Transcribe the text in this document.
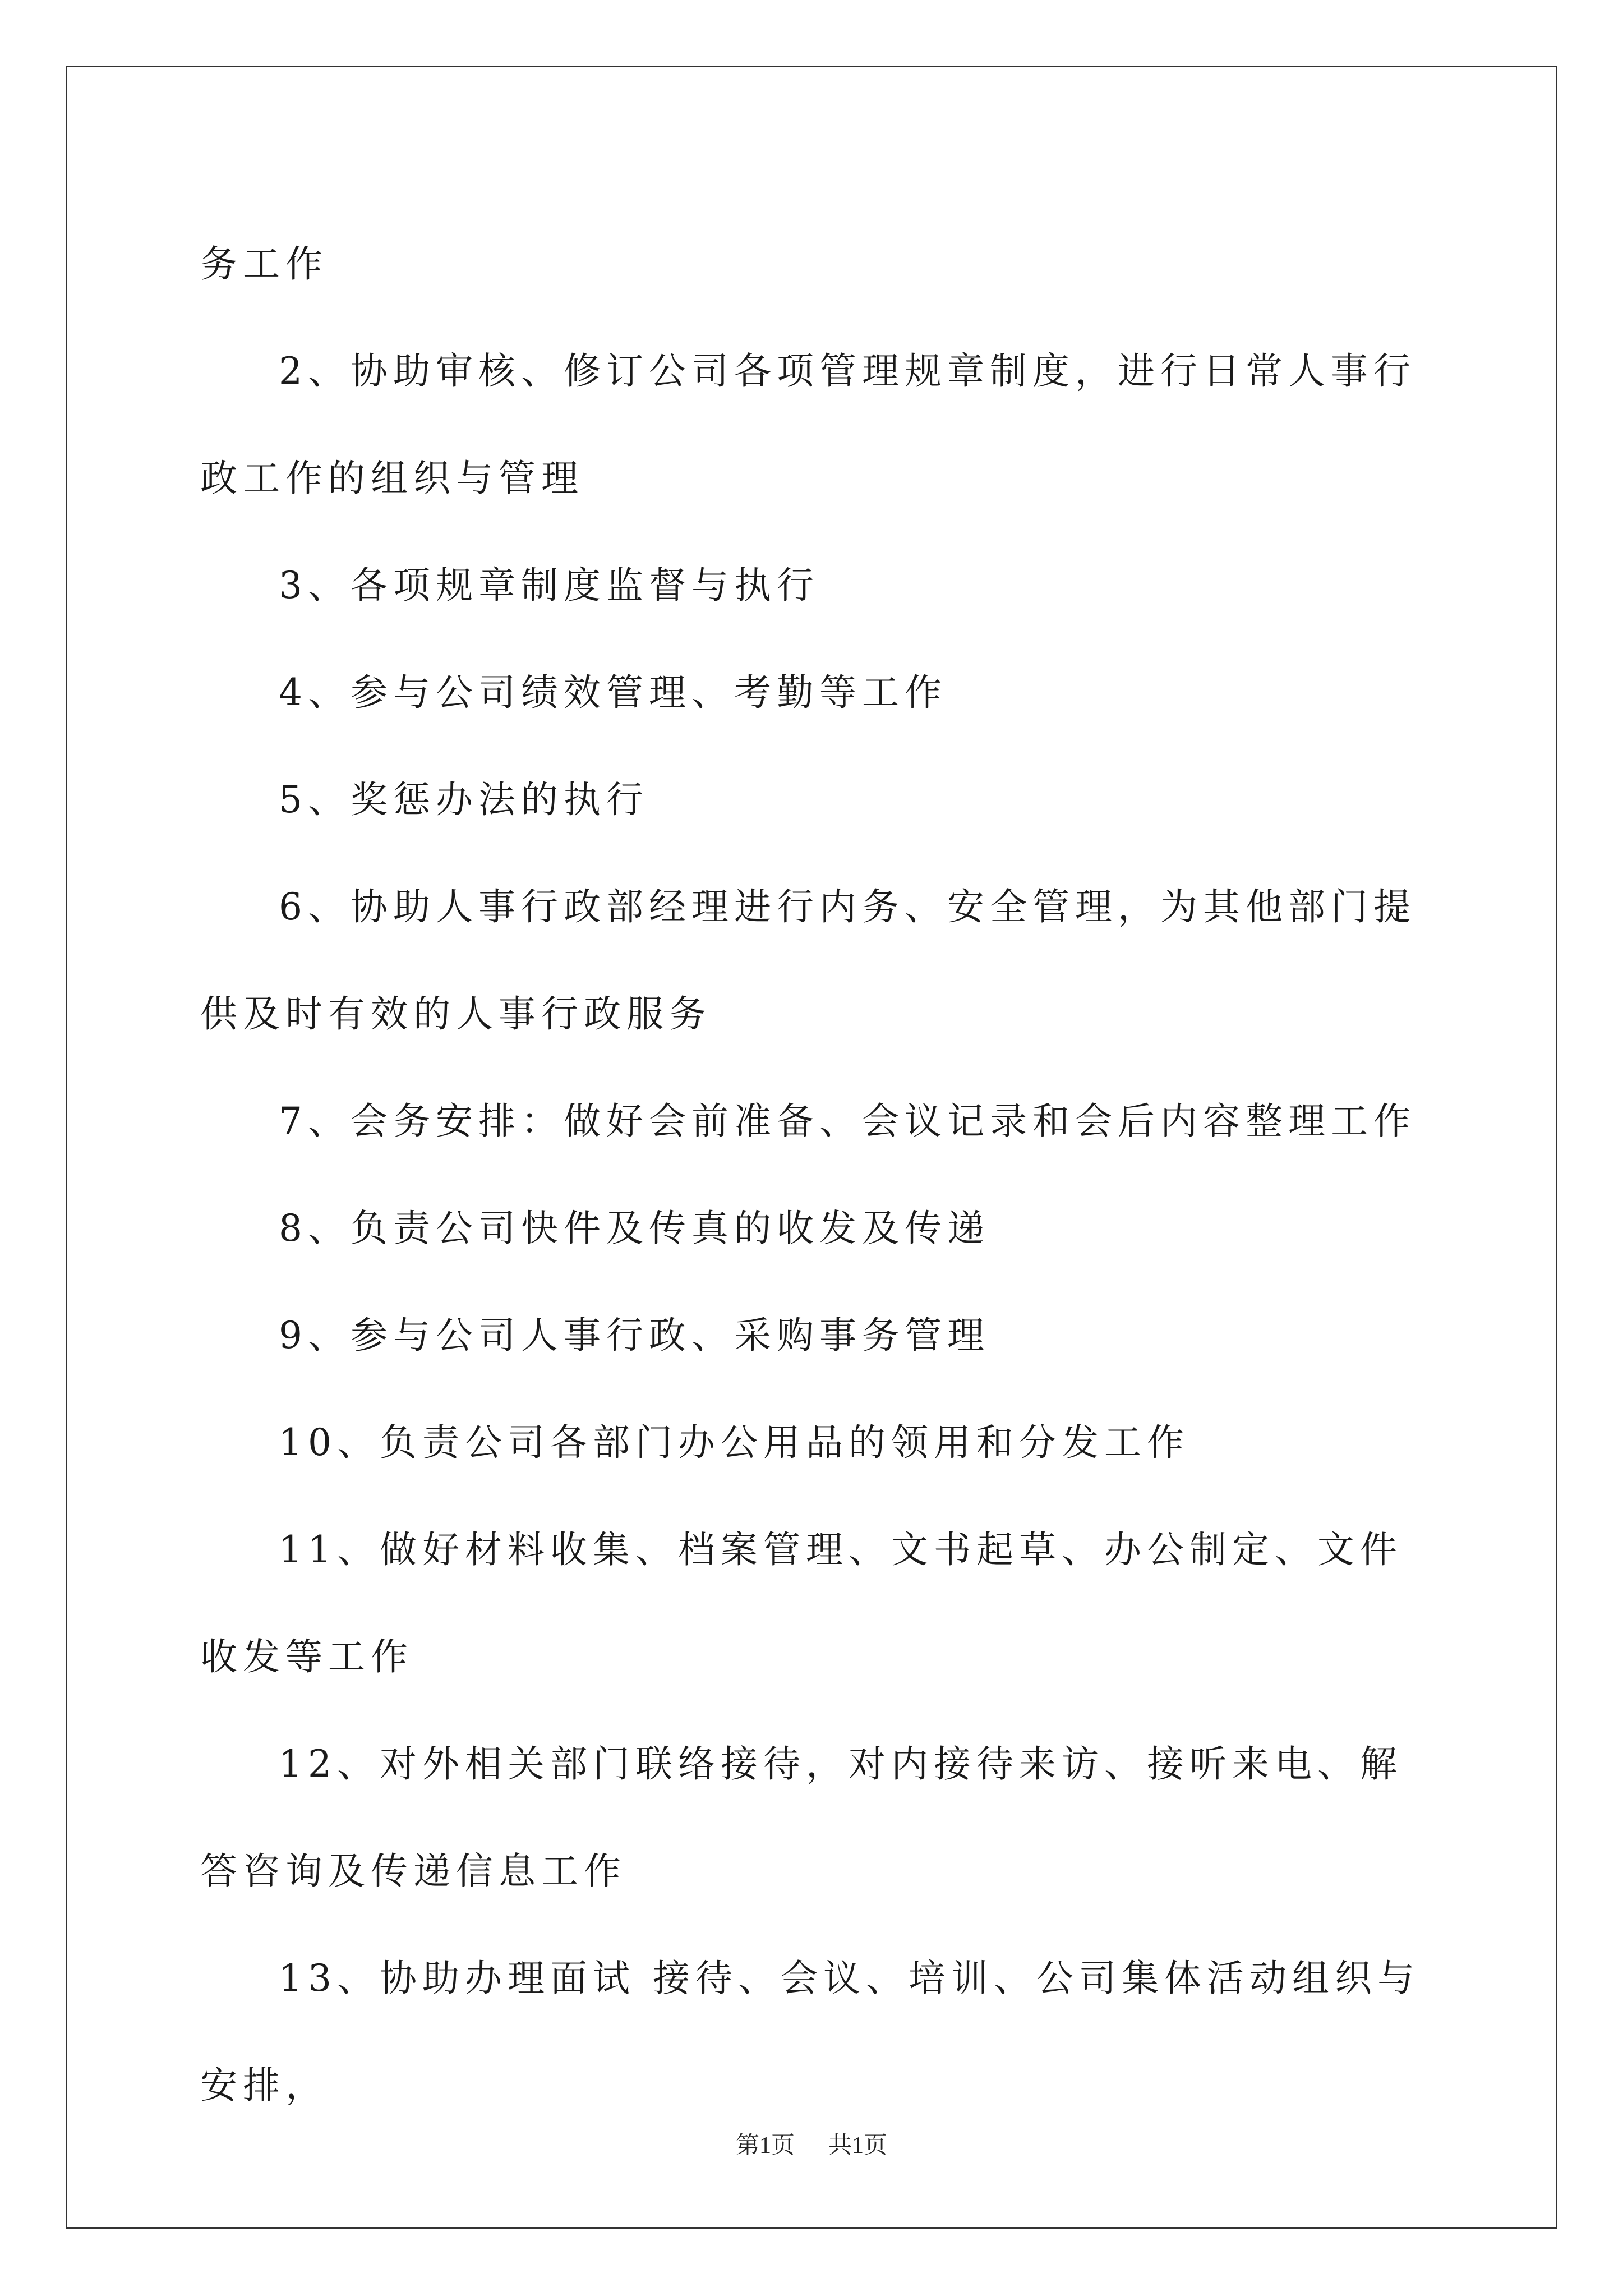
务工作

2、协助审核、修订公司各项管理规章制度，进行日常人事行政工作的组织与管理

3、各项规章制度监督与执行

4、参与公司绩效管理、考勤等工作

5、奖惩办法的执行

6、协助人事行政部经理进行内务、安全管理，为其他部门提供及时有效的人事行政服务

7、会务安排：做好会前准备、会议记录和会后内容整理工作

8、负责公司快件及传真的收发及传递

9、参与公司人事行政、采购事务管理

10、负责公司各部门办公用品的领用和分发工作

11、做好材料收集、档案管理、文书起草、办公制定、文件收发等工作

12、对外相关部门联络接待，对内接待来访、接听来电、解答咨询及传递信息工作

13、协助办理面试 接待、会议、培训、公司集体活动组织与安排，

第1页 共1页
